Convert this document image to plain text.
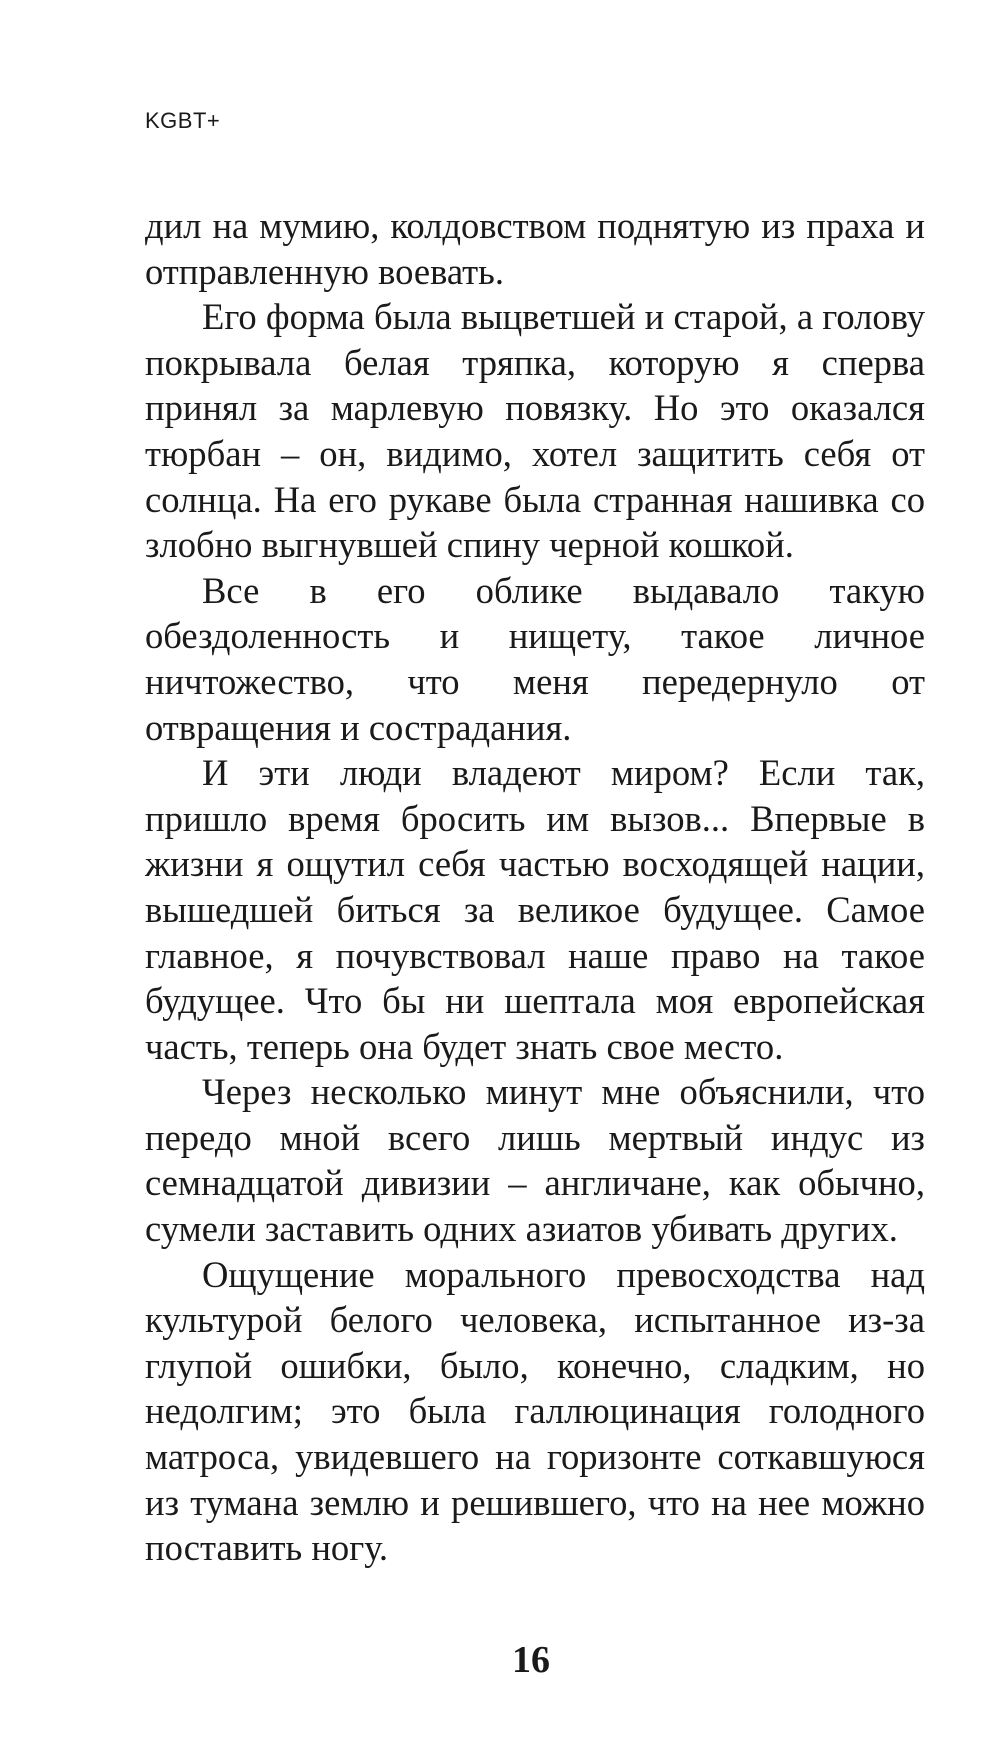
KGBT+

дил на мумию, колдовством поднятую из праха и отправленную воевать.

Его форма была выцветшей и старой, а голову покрывала белая тряпка, которую я сперва принял за марлевую повязку. Но это оказался тюрбан – он, видимо, хотел защитить себя от солнца. На его рукаве была странная нашивка со злобно выгнувшей спину черной кошкой.

Все в его облике выдавало такую обездоленность и нищету, такое личное ничтожество, что меня передернуло от отвращения и сострадания.

И эти люди владеют миром? Если так, пришло время бросить им вызов... Впервые в жизни я ощутил себя частью восходящей нации, вышедшей биться за великое будущее. Самое главное, я почувствовал наше право на такое будущее. Что бы ни шептала моя европейская часть, теперь она будет знать свое место.

Через несколько минут мне объяснили, что передо мной всего лишь мертвый индус из семнадцатой дивизии – англичане, как обычно, сумели заставить одних азиатов убивать других.

Ощущение морального превосходства над культурой белого человека, испытанное из-за глупой ошибки, было, конечно, сладким, но недолгим; это была галлюцинация голодного матроса, увидевшего на горизонте соткавшуюся из тумана землю и решившего, что на нее можно поставить ногу.

16
